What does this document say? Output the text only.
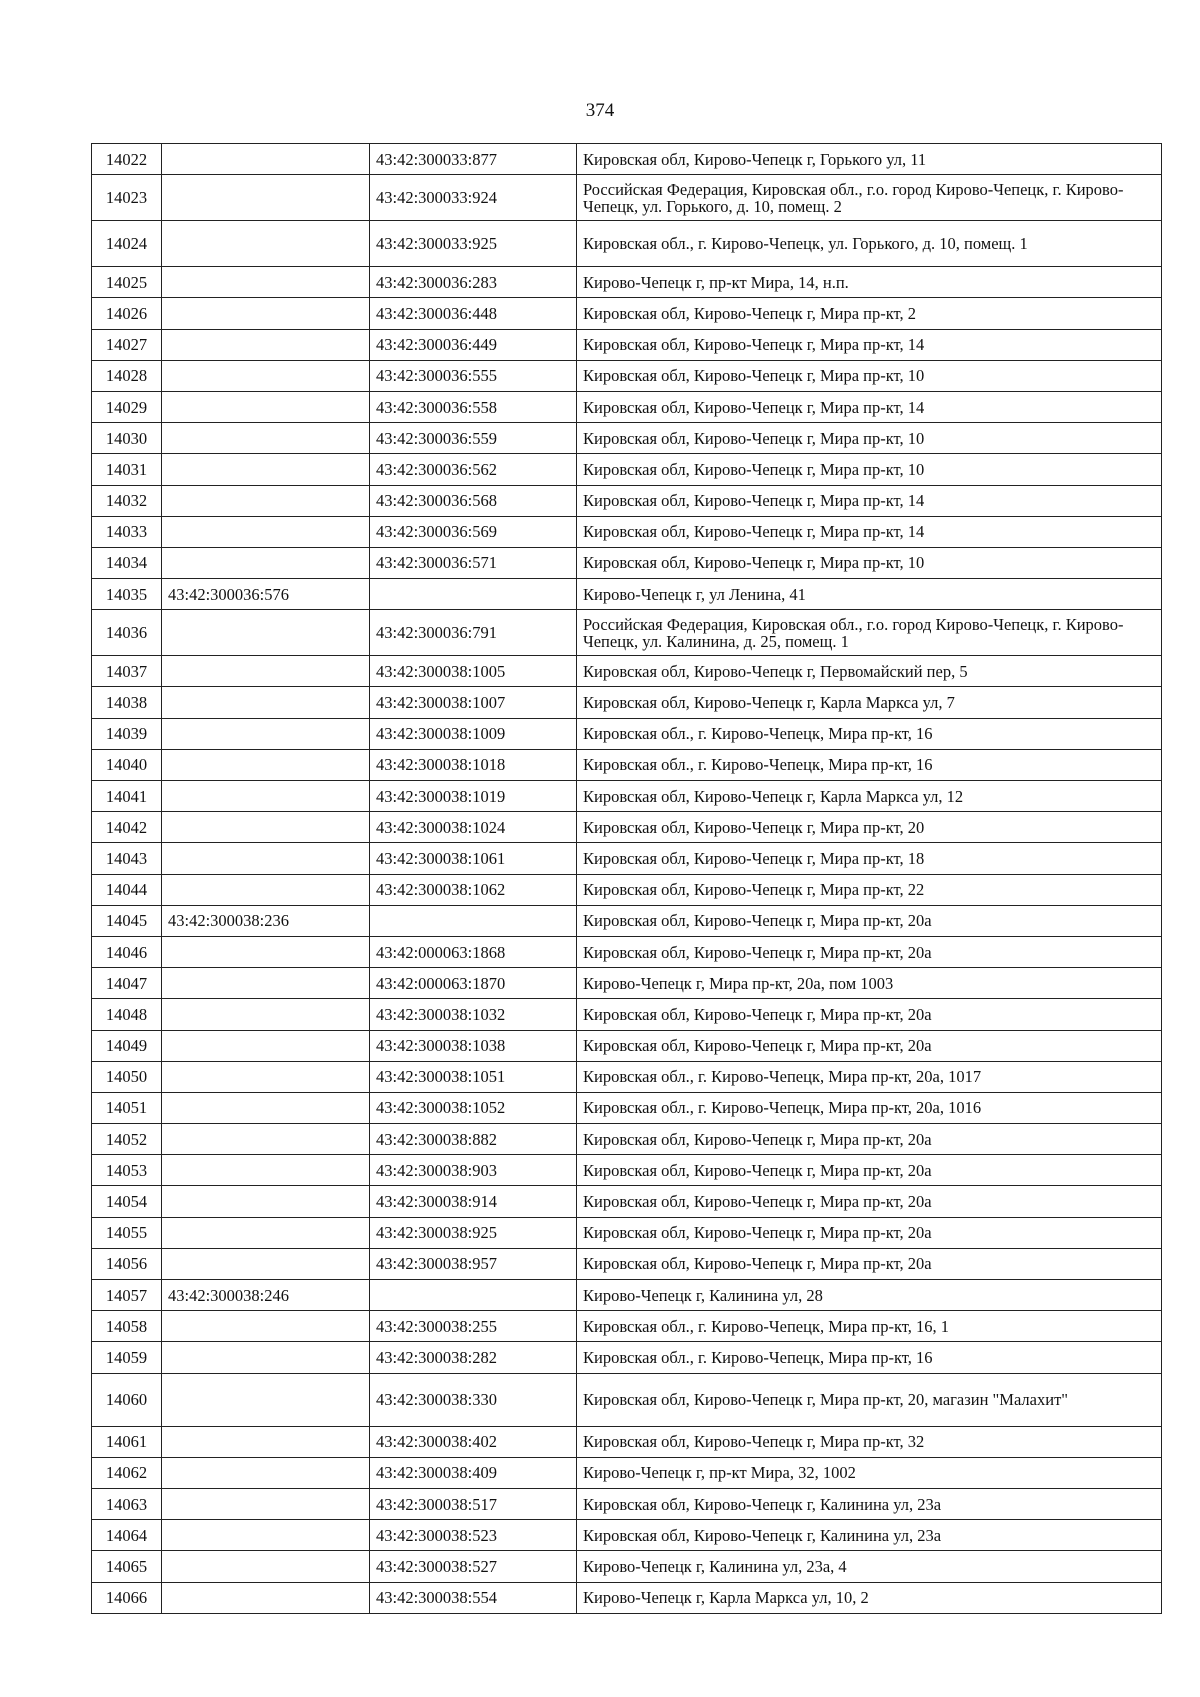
374
14022		43:42:300033:877	Кировская обл, Кирово-Чепецк г, Горького ул, 11
14023		43:42:300033:924	Российская Федерация, Кировская обл., г.о. город Кирово-Чепецк, г. Кирово-Чепецк, ул. Горького, д. 10, помещ. 2
14024		43:42:300033:925	Кировская обл., г. Кирово-Чепецк, ул. Горького, д. 10, помещ. 1
14025		43:42:300036:283	Кирово-Чепецк г, пр-кт Мира, 14, н.п.
14026		43:42:300036:448	Кировская обл, Кирово-Чепецк г, Мира пр-кт, 2
14027		43:42:300036:449	Кировская обл, Кирово-Чепецк г, Мира пр-кт, 14
14028		43:42:300036:555	Кировская обл, Кирово-Чепецк г, Мира пр-кт, 10
14029		43:42:300036:558	Кировская обл, Кирово-Чепецк г, Мира пр-кт, 14
14030		43:42:300036:559	Кировская обл, Кирово-Чепецк г, Мира пр-кт, 10
14031		43:42:300036:562	Кировская обл, Кирово-Чепецк г, Мира пр-кт, 10
14032		43:42:300036:568	Кировская обл, Кирово-Чепецк г, Мира пр-кт, 14
14033		43:42:300036:569	Кировская обл, Кирово-Чепецк г, Мира пр-кт, 14
14034		43:42:300036:571	Кировская обл, Кирово-Чепецк г, Мира пр-кт, 10
14035	43:42:300036:576		Кирово-Чепецк г, ул Ленина, 41
14036		43:42:300036:791	Российская Федерация, Кировская обл., г.о. город Кирово-Чепецк, г. Кирово-Чепецк, ул. Калинина, д. 25, помещ. 1
14037		43:42:300038:1005	Кировская обл, Кирово-Чепецк г, Первомайский пер, 5
14038		43:42:300038:1007	Кировская обл, Кирово-Чепецк г, Карла Маркса ул, 7
14039		43:42:300038:1009	Кировская обл., г. Кирово-Чепецк, Мира пр-кт, 16
14040		43:42:300038:1018	Кировская обл., г. Кирово-Чепецк, Мира пр-кт, 16
14041		43:42:300038:1019	Кировская обл, Кирово-Чепецк г, Карла Маркса ул, 12
14042		43:42:300038:1024	Кировская обл, Кирово-Чепецк г, Мира пр-кт, 20
14043		43:42:300038:1061	Кировская обл, Кирово-Чепецк г, Мира пр-кт, 18
14044		43:42:300038:1062	Кировская обл, Кирово-Чепецк г, Мира пр-кт, 22
14045	43:42:300038:236		Кировская обл, Кирово-Чепецк г, Мира пр-кт, 20а
14046		43:42:000063:1868	Кировская обл, Кирово-Чепецк г, Мира пр-кт, 20а
14047		43:42:000063:1870	Кирово-Чепецк г, Мира пр-кт, 20а, пом 1003
14048		43:42:300038:1032	Кировская обл, Кирово-Чепецк г, Мира пр-кт, 20а
14049		43:42:300038:1038	Кировская обл, Кирово-Чепецк г, Мира пр-кт, 20а
14050		43:42:300038:1051	Кировская обл., г. Кирово-Чепецк, Мира пр-кт, 20а, 1017
14051		43:42:300038:1052	Кировская обл., г. Кирово-Чепецк, Мира пр-кт, 20а, 1016
14052		43:42:300038:882	Кировская обл, Кирово-Чепецк г, Мира пр-кт, 20а
14053		43:42:300038:903	Кировская обл, Кирово-Чепецк г, Мира пр-кт, 20а
14054		43:42:300038:914	Кировская обл, Кирово-Чепецк г, Мира пр-кт, 20а
14055		43:42:300038:925	Кировская обл, Кирово-Чепецк г, Мира пр-кт, 20а
14056		43:42:300038:957	Кировская обл, Кирово-Чепецк г, Мира пр-кт, 20а
14057	43:42:300038:246		Кирово-Чепецк г, Калинина ул, 28
14058		43:42:300038:255	Кировская обл., г. Кирово-Чепецк, Мира пр-кт, 16, 1
14059		43:42:300038:282	Кировская обл., г. Кирово-Чепецк, Мира пр-кт, 16
14060		43:42:300038:330	Кировская обл, Кирово-Чепецк г, Мира пр-кт, 20, магазин "Малахит"
14061		43:42:300038:402	Кировская обл, Кирово-Чепецк г, Мира пр-кт, 32
14062		43:42:300038:409	Кирово-Чепецк г, пр-кт Мира, 32, 1002
14063		43:42:300038:517	Кировская обл, Кирово-Чепецк г, Калинина ул, 23а
14064		43:42:300038:523	Кировская обл, Кирово-Чепецк г, Калинина ул, 23а
14065		43:42:300038:527	Кирово-Чепецк г, Калинина ул, 23а, 4
14066		43:42:300038:554	Кирово-Чепецк г, Карла Маркса ул, 10, 2
